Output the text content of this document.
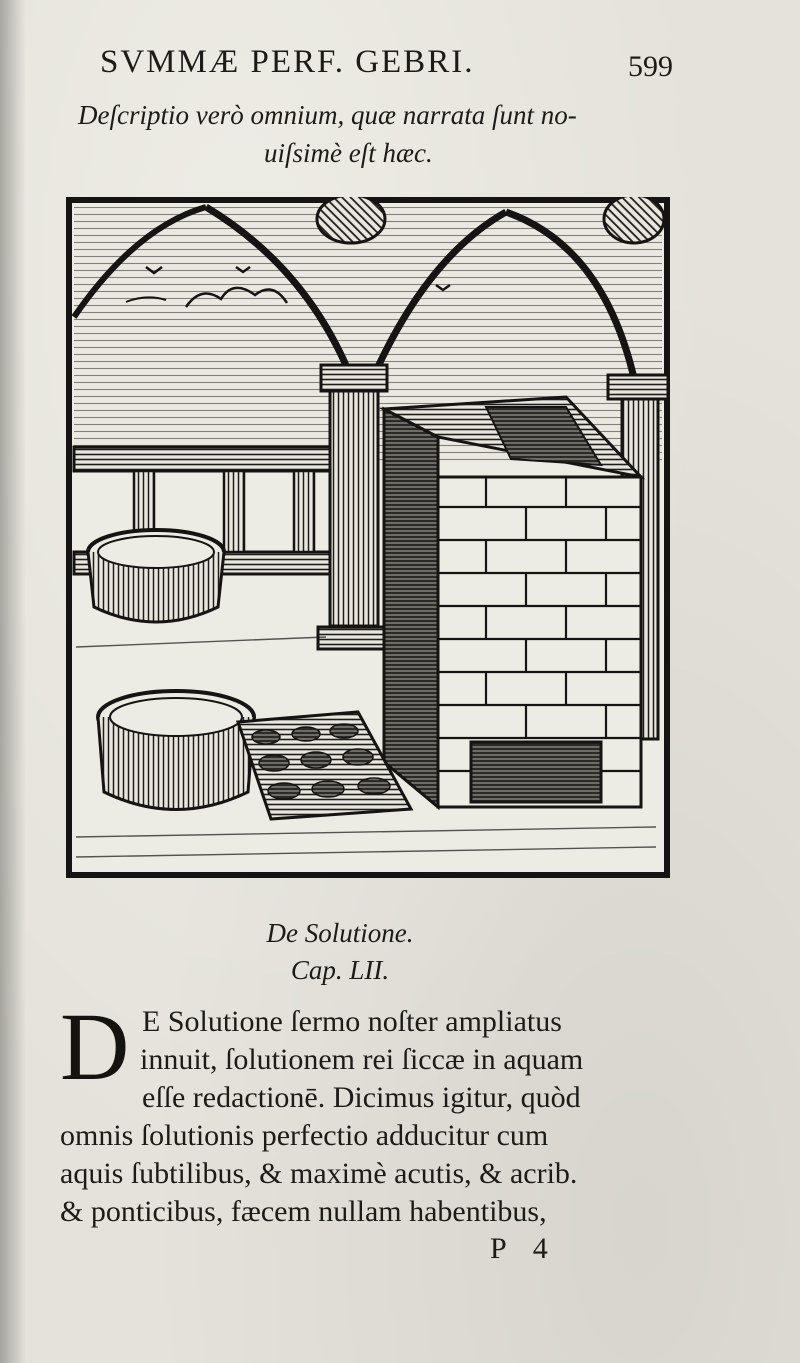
SVMMÆ PERF. GEBRI.	599
Deſcriptio verò omnium, quæ narrata ſunt no-
uiſsimè eſt hæc.
De Solutione.
Cap. LII.
D E Solutione ſermo noſter ampliatus
innuit, ſolutionem rei ſiccæ in aquam
eſſe redactionē. Dicimus igitur, quòd
omnis ſolutionis perfectio adducitur cum
aquis ſubtilibus, & maximè acutis, & acrib.
& ponticibus, fæcem nullam habentibus,
P 4
